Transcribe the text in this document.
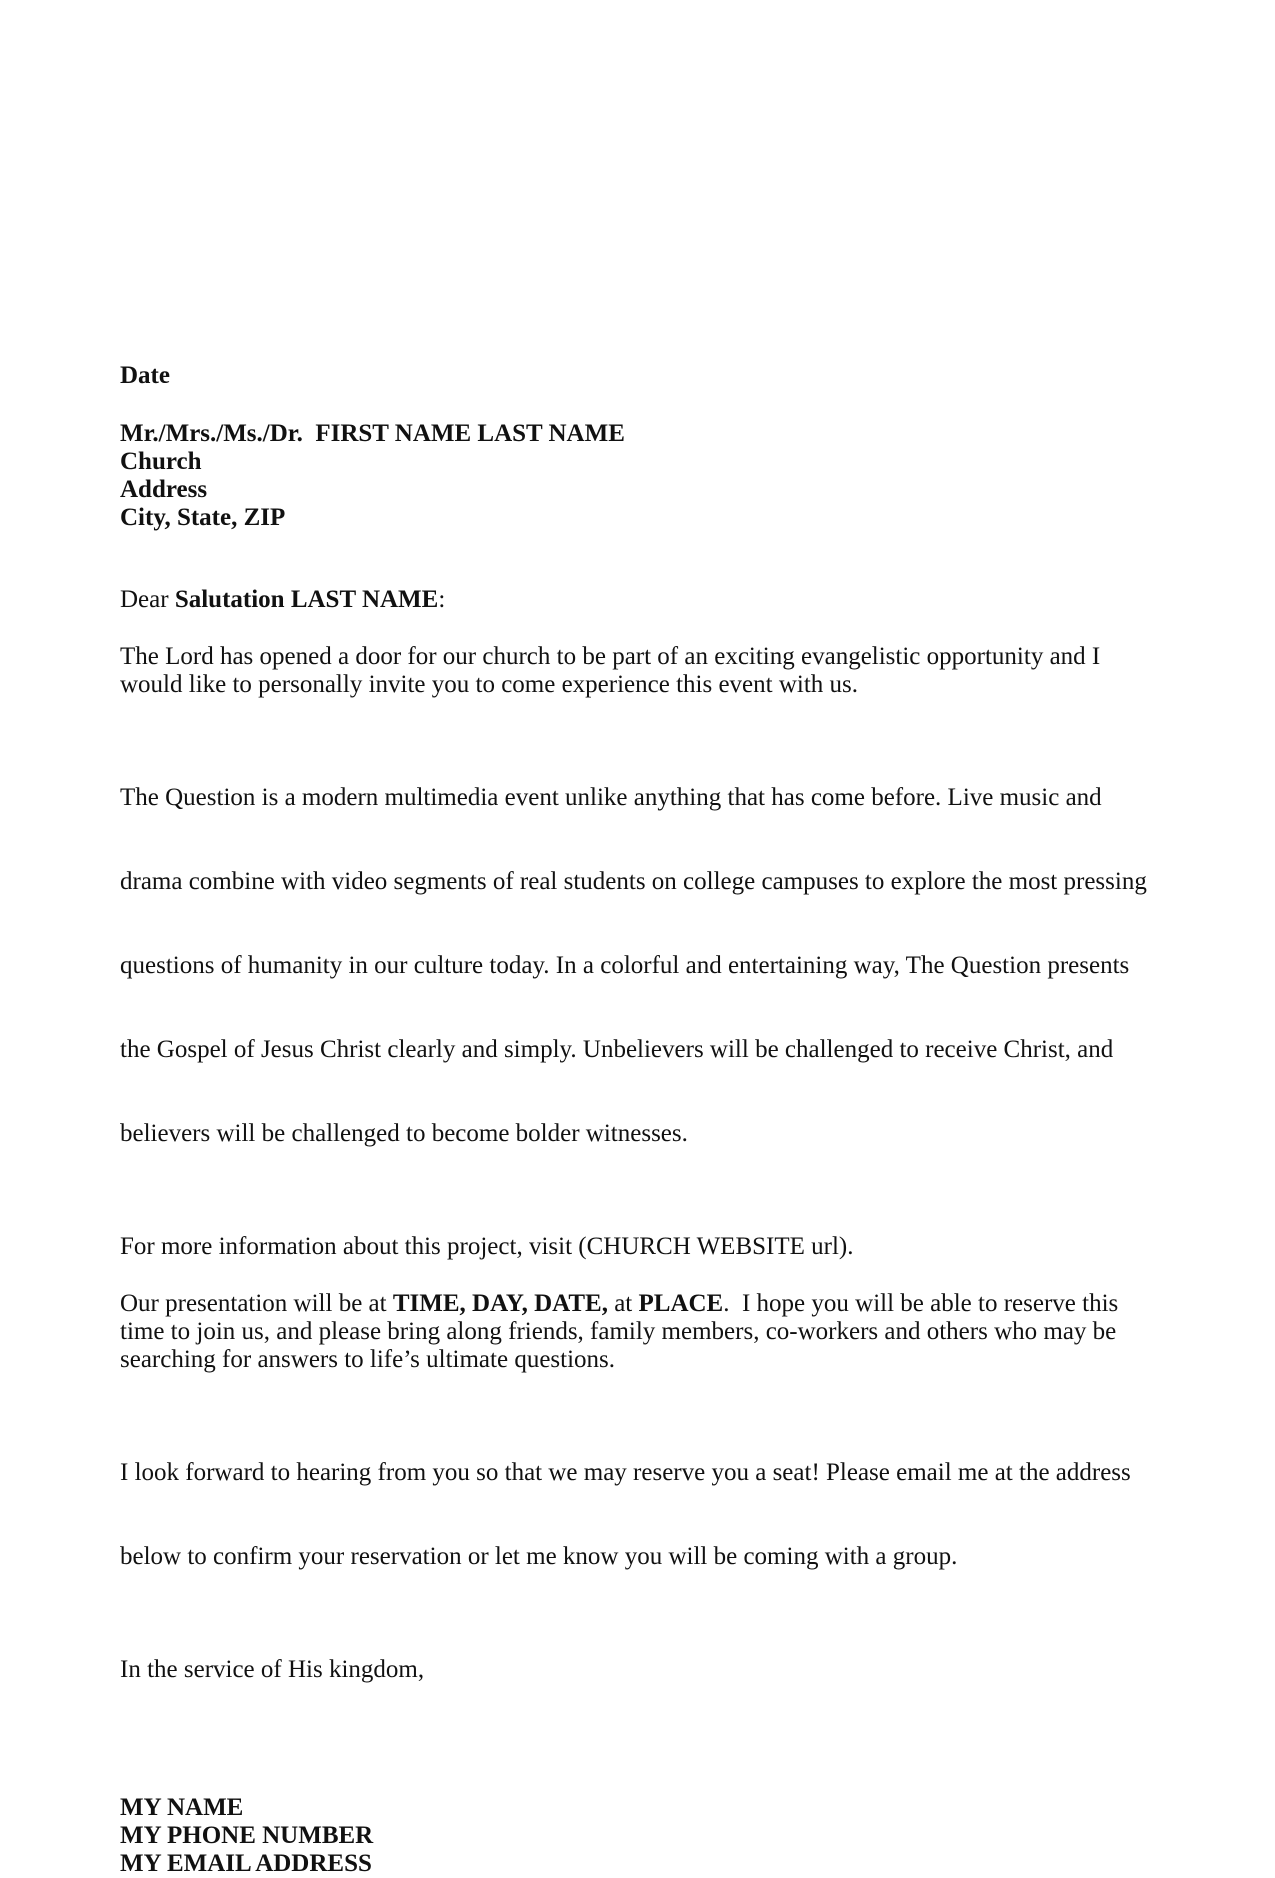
Date

Mr./Mrs./Ms./Dr.  FIRST NAME LAST NAME
Church
Address
City, State, ZIP

Dear Salutation LAST NAME:

The Lord has opened a door for our church to be part of an exciting evangelistic opportunity and I
would like to personally invite you to come experience this event with us.

The Question is a modern multimedia event unlike anything that has come before. Live music and

drama combine with video segments of real students on college campuses to explore the most pressing

questions of humanity in our culture today. In a colorful and entertaining way, The Question presents

the Gospel of Jesus Christ clearly and simply. Unbelievers will be challenged to receive Christ, and

believers will be challenged to become bolder witnesses.

For more information about this project, visit (CHURCH WEBSITE url).

Our presentation will be at TIME, DAY, DATE, at PLACE.  I hope you will be able to reserve this
time to join us, and please bring along friends, family members, co-workers and others who may be
searching for answers to life’s ultimate questions.

I look forward to hearing from you so that we may reserve you a seat! Please email me at the address

below to confirm your reservation or let me know you will be coming with a group.

In the service of His kingdom,

MY NAME
MY PHONE NUMBER
MY EMAIL ADDRESS
